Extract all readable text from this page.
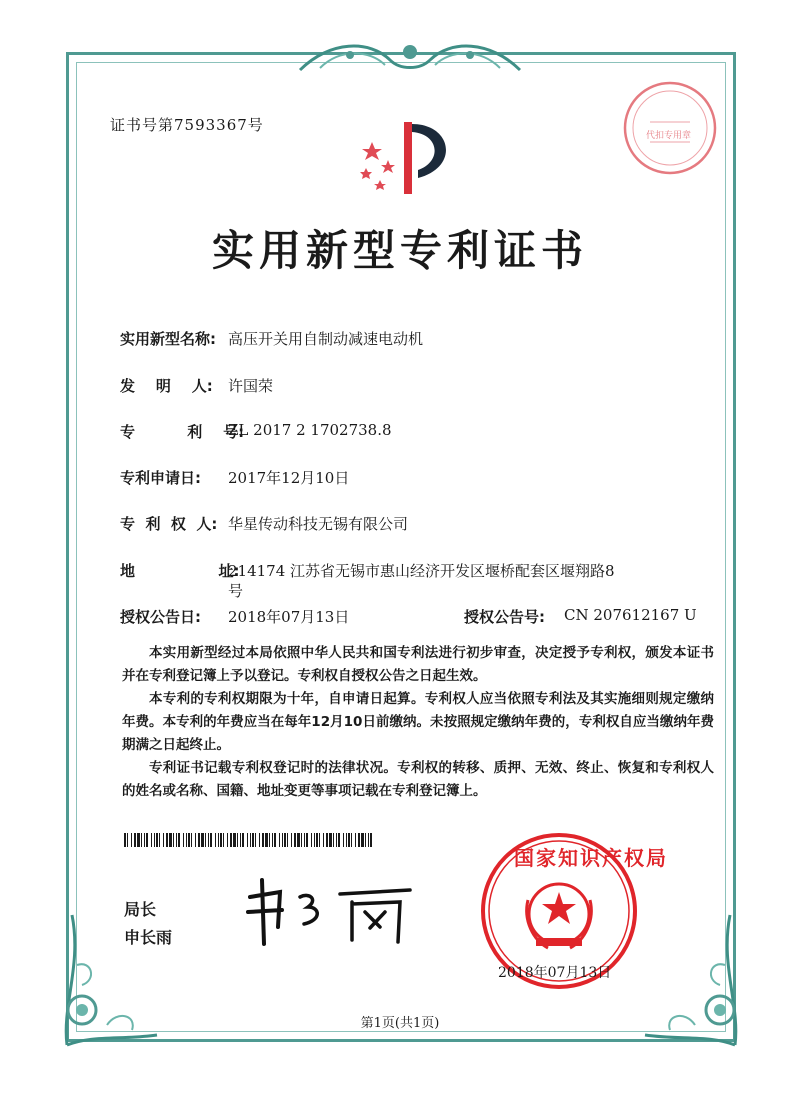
证书号第7593367号
代扣专用章
实用新型专利证书
实用新型名称: 高压开关用自制动减速电动机
发    明    人: 许国荣
专          利    号:
ZL 2017 2 1702738.8
专利申请日: 2017年12月10日
专  利  权  人: 华星传动科技无锡有限公司
地                址:
214174 江苏省无锡市惠山经济开发区堰桥配套区堰翔路8
号
授权公告日: 2018年07月13日	授权公告号: CN 207612167 U

本实用新型经过本局依照中华人民共和国专利法进行初步审查，决定授予专利权，颁发本证书并在专利登记簿上予以登记。专利权自授权公告之日起生效。

本专利的专利权期限为十年，自申请日起算。专利权人应当依照专利法及其实施细则规定缴纳年费。本专利的年费应当在每年12月10日前缴纳。未按照规定缴纳年费的，专利权自应当缴纳年费期满之日起终止。

专利证书记载专利权登记时的法律状况。专利权的转移、质押、无效、终止、恢复和专利权人的姓名或名称、国籍、地址变更等事项记载在专利登记簿上。

局长
申长雨
国家知识产权局
2018年07月13日
第1页(共1页)
